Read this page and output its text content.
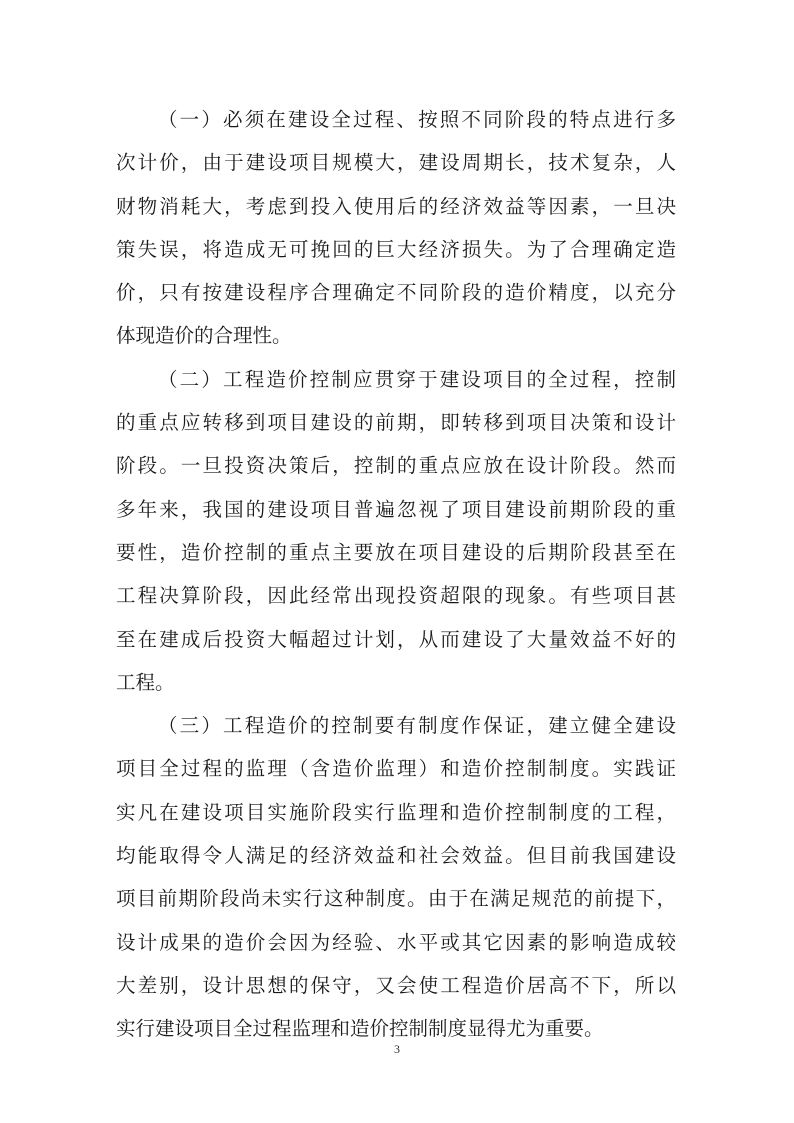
（一）必须在建设全过程、按照不同阶段的特点进行多
次计价，由于建设项目规模大，建设周期长，技术复杂，人
财物消耗大，考虑到投入使用后的经济效益等因素，一旦决
策失误，将造成无可挽回的巨大经济损失。为了合理确定造
价，只有按建设程序合理确定不同阶段的造价精度，以充分
体现造价的合理性。
（二）工程造价控制应贯穿于建设项目的全过程，控制
的重点应转移到项目建设的前期，即转移到项目决策和设计
阶段。一旦投资决策后，控制的重点应放在设计阶段。然而
多年来，我国的建设项目普遍忽视了项目建设前期阶段的重
要性，造价控制的重点主要放在项目建设的后期阶段甚至在
工程决算阶段，因此经常出现投资超限的现象。有些项目甚
至在建成后投资大幅超过计划，从而建设了大量效益不好的
工程。
（三）工程造价的控制要有制度作保证，建立健全建设
项目全过程的监理（含造价监理）和造价控制制度。实践证
实凡在建设项目实施阶段实行监理和造价控制制度的工程，
均能取得令人满足的经济效益和社会效益。但目前我国建设
项目前期阶段尚未实行这种制度。由于在满足规范的前提下，
设计成果的造价会因为经验、水平或其它因素的影响造成较
大差别，设计思想的保守，又会使工程造价居高不下，所以
实行建设项目全过程监理和造价控制制度显得尤为重要。
3
